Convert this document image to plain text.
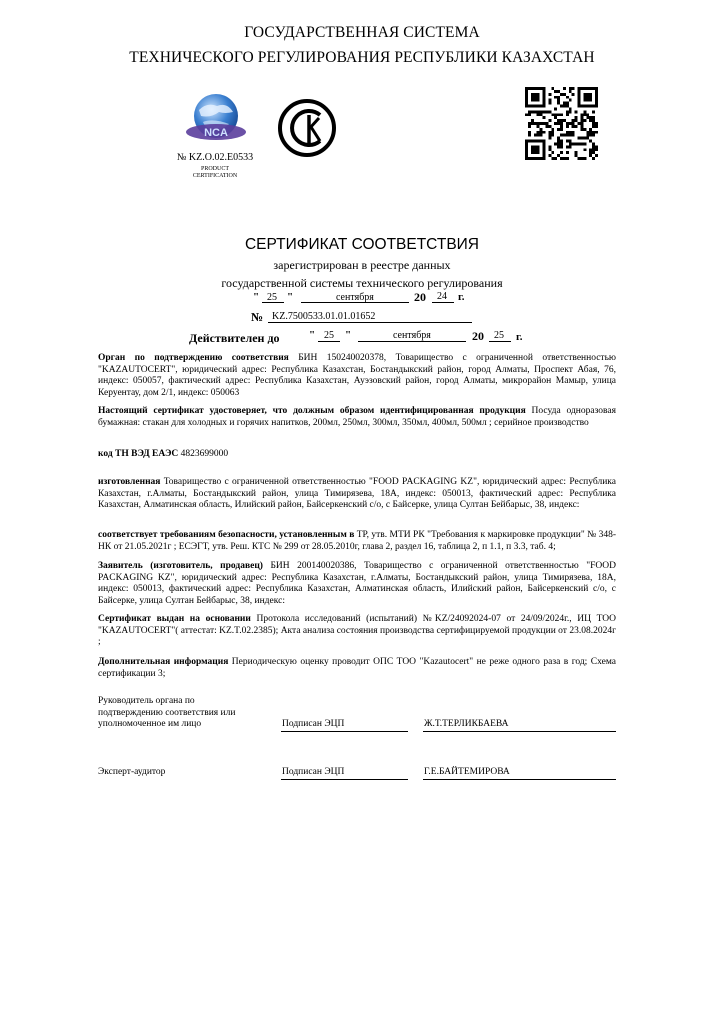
ГОСУДАРСТВЕННАЯ СИСТЕМА
ТЕХНИЧЕСКОГО РЕГУЛИРОВАНИЯ РЕСПУБЛИКИ КАЗАХСТАН
NCA
№ KZ.O.02.E0533
PRODUCT
CERTIFICATION
СЕРТИФИКАТ СООТВЕТСТВИЯ
зарегистрирован в реестре данных
государственной системы технического регулирования
" 25 "	сентября	20 24 г.
№ KZ.7500533.01.01.01652
Действителен до	" 25 "	сентября	20 25 г.
Орган по подтверждению соответствия БИН 150240020378, Товарищество с ограниченной ответственностью "KAZAUTOCERT", юридический адрес: Республика Казахстан, Бостандыкский район, город Алматы, Проспект Абая, 76, индекс: 050057, фактический адрес: Республика Казахстан, Ауэзовский район, город Алматы, микрорайон Мамыр, улица Керуентау, дом 2/1, индекс: 050063
Настоящий сертификат удостоверяет, что должным образом идентифицированная продукция Посуда одноразовая бумажная: стакан для холодных и горячих напитков, 200мл, 250мл, 300мл, 350мл, 400мл, 500мл ; серийное производство
код ТН ВЭД ЕАЭС 4823699000
изготовленная Товарищество с ограниченной ответственностью "FOOD PACKAGING KZ", юридический адрес: Республика Казахстан, г.Алматы, Бостандыкский район, улица Тимирязева, 18А, индекс: 050013, фактический адрес: Республика Казахстан, Алматинская область, Илийский район, Байсеркенский с/о, с Байсерке, улица Султан Бейбарыс, 38, индекс:
соответствует требованиям безопасности, установленным в ТР, утв. МТИ РК "Требования к маркировке продукции" № 348-НК от 21.05.2021г ; ЕСЭГТ, утв. Реш. КТС № 299 от 28.05.2010г, глава 2, раздел 16, таблица 2, п 1.1, п 3.3, таб. 4;
Заявитель (изготовитель, продавец) БИН 200140020386, Товарищество с ограниченной ответственностью "FOOD PACKAGING KZ", юридический адрес: Республика Казахстан, г.Алматы, Бостандыкский район, улица Тимирязева, 18А, индекс: 050013, фактический адрес: Республика Казахстан, Алматинская область, Илийский район, Байсеркенский с/о, с Байсерке, улица Султан Бейбарыс, 38, индекс:
Сертификат выдан на основании Протокола исследований (испытаний) №KZ/24092024-07 от 24/09/2024г., ИЦ ТОО "KAZAUTOCERT"( аттестат: KZ.T.02.2385); Акта анализа состояния производства сертифицируемой продукции от 23.08.2024г ;
Дополнительная информация Периодическую оценку проводит ОПС ТОО "Kazautocert" не реже одного раза в год; Схема сертификации 3;
Руководитель органа по
подтверждению соответствия или
уполномоченное им лицо	Подписан ЭЦП	Ж.Т.ТЕРЛИКБАЕВА
Эксперт-аудитор	Подписан ЭЦП	Г.Е.БАЙТЕМИРОВА
